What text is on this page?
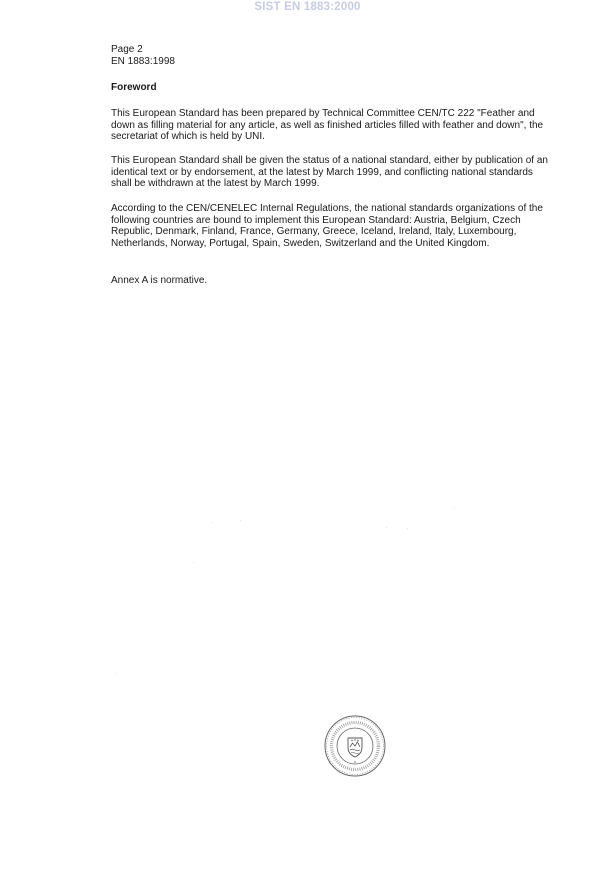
SIST EN 1883:2000
Page 2
EN 1883:1998
Foreword
This European Standard has been prepared by Technical Committee CEN/TC 222 "Feather and down as filling material for any article, as well as finished articles filled with feather and down", the secretariat of which is held by UNI.
This European Standard shall be given the status of a national standard, either by publication of an identical text or by endorsement, at the latest by March 1999, and conflicting national standards shall be withdrawn at the latest by March 1999.
According to the CEN/CENELEC Internal Regulations, the national standards organizations of the following countries are bound to implement this European Standard: Austria, Belgium, Czech Republic, Denmark, Finland, France, Germany, Greece, Iceland, Ireland, Italy, Luxembourg, Netherlands, Norway, Portugal, Spain, Sweden, Switzerland and the United Kingdom.
Annex A is normative.
